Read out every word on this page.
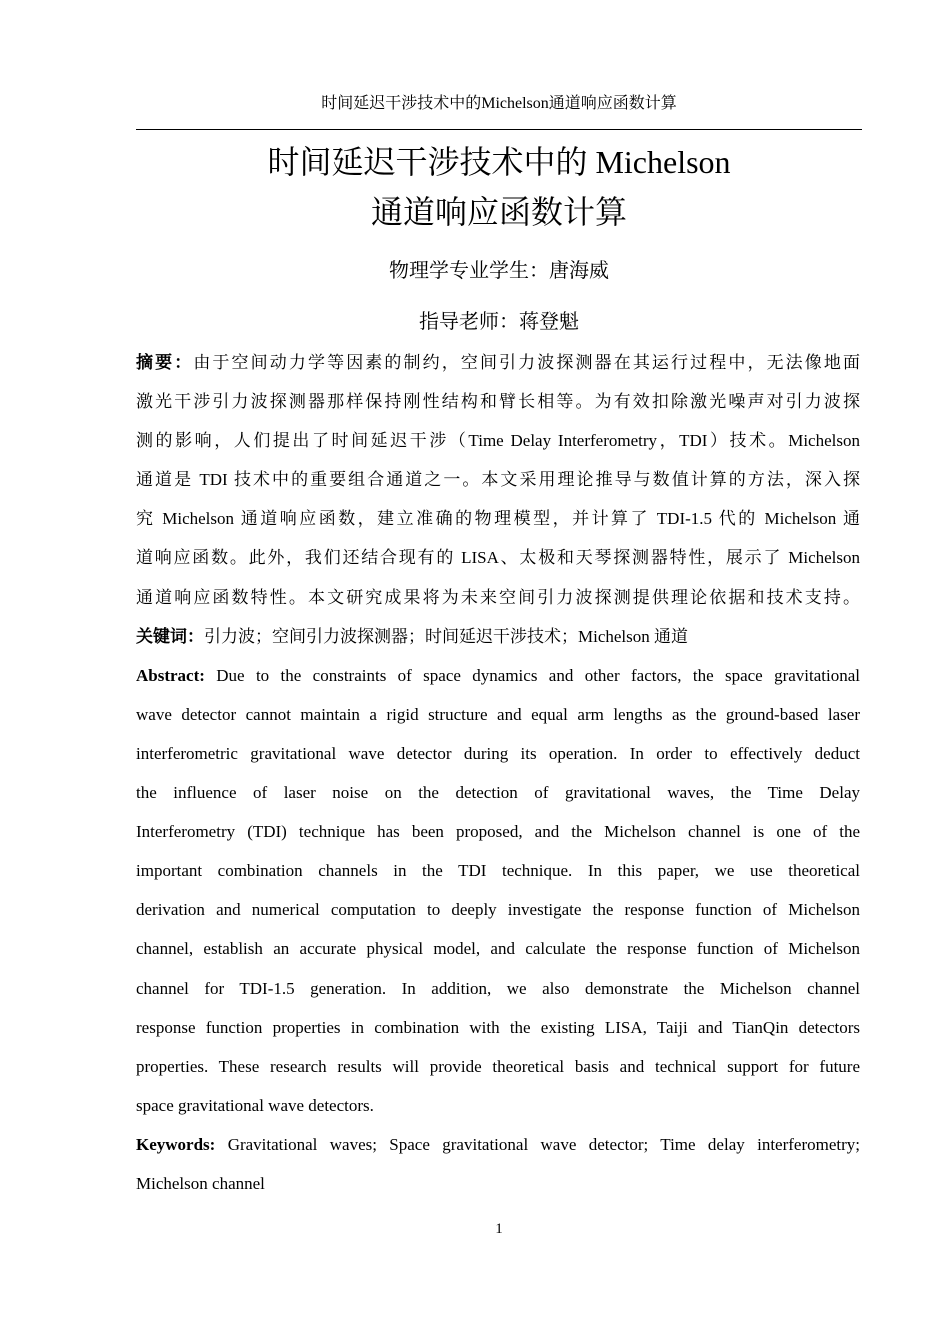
时间延迟干涉技术中的Michelson通道响应函数计算
时间延迟干涉技术中的 Michelson
通道响应函数计算
物理学专业学生：唐海威
指导老师：蒋登魁
摘要：由于空间动力学等因素的制约，空间引力波探测器在其运行过程中，无法像地面
激光干涉引力波探测器那样保持刚性结构和臂长相等。为有效扣除激光噪声对引力波探
测的影响，人们提出了时间延迟干涉（Time Delay Interferometry，TDI）技术。Michelson
通道是 TDI 技术中的重要组合通道之一。本文采用理论推导与数值计算的方法，深入探
究 Michelson 通道响应函数，建立准确的物理模型，并计算了 TDI-1.5 代的 Michelson 通
道响应函数。此外，我们还结合现有的 LISA、太极和天琴探测器特性，展示了 Michelson
通道响应函数特性。本文研究成果将为未来空间引力波探测提供理论依据和技术支持。
关键词：引力波；空间引力波探测器；时间延迟干涉技术；Michelson 通道
Abstract: Due to the constraints of space dynamics and other factors, the space gravitational
wave detector cannot maintain a rigid structure and equal arm lengths as the ground-based laser
interferometric gravitational wave detector during its operation. In order to effectively deduct
the influence of laser noise on the detection of gravitational waves, the Time Delay
Interferometry (TDI) technique has been proposed, and the Michelson channel is one of the
important combination channels in the TDI technique. In this paper, we use theoretical
derivation and numerical computation to deeply investigate the response function of Michelson
channel, establish an accurate physical model, and calculate the response function of Michelson
channel for TDI-1.5 generation. In addition, we also demonstrate the Michelson channel
response function properties in combination with the existing LISA, Taiji and TianQin detectors
properties. These research results will provide theoretical basis and technical support for future
space gravitational wave detectors.
Keywords: Gravitational waves; Space gravitational wave detector; Time delay interferometry;
Michelson channel
1
